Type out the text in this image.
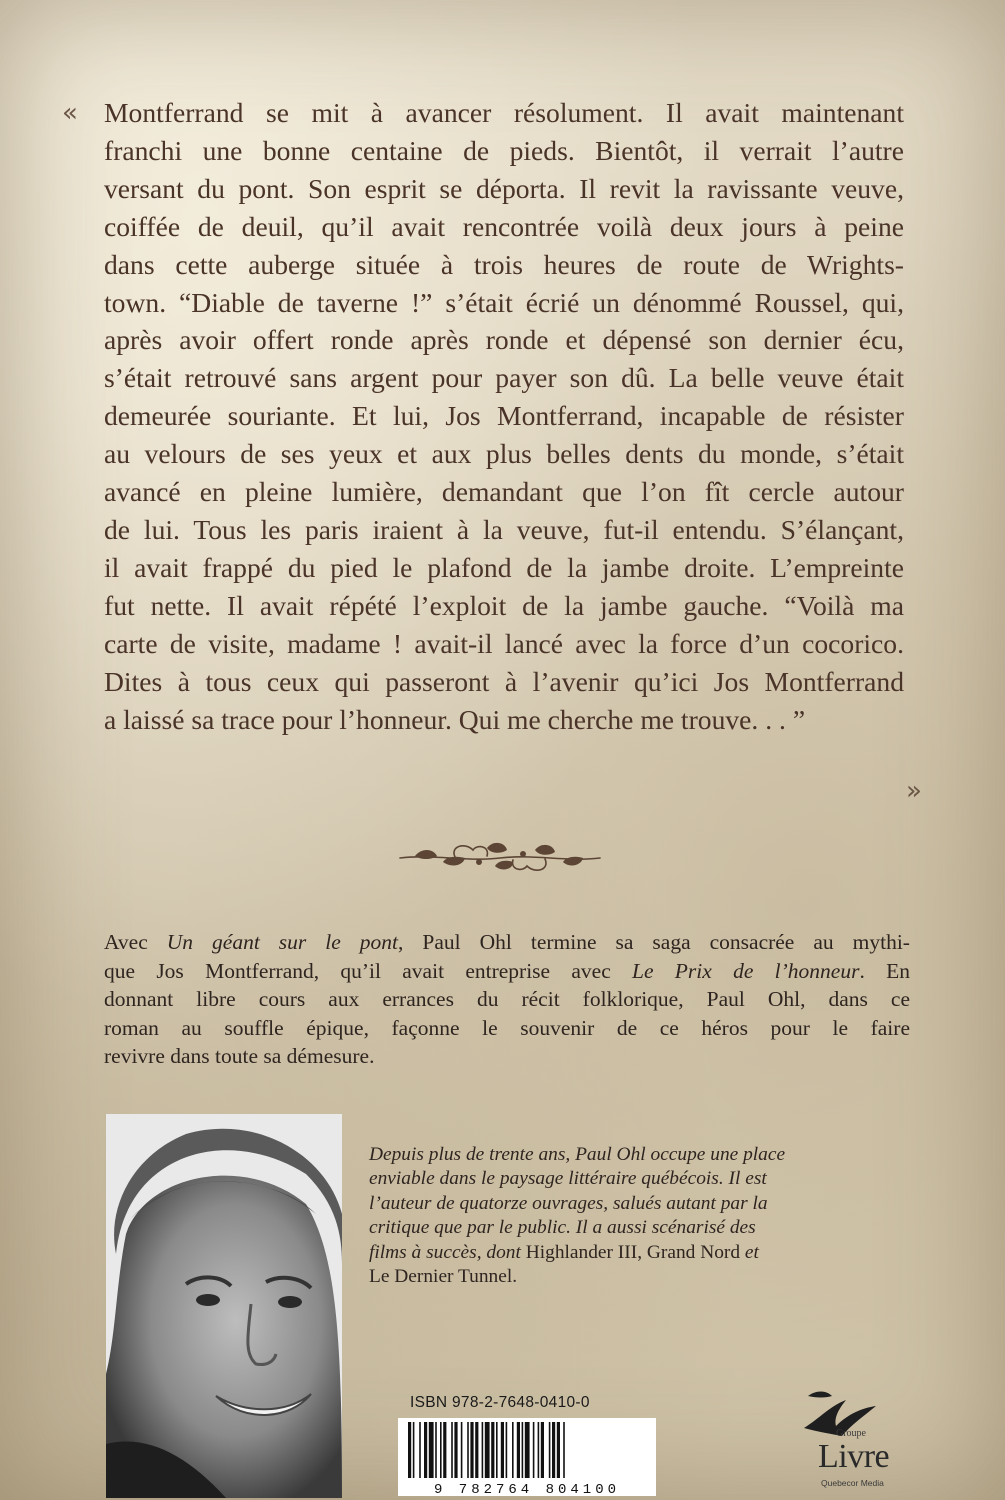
« Montferrand se mit à avancer résolument. Il avait maintenant
franchi une bonne centaine de pieds. Bientôt, il verrait l’autre
versant du pont. Son esprit se déporta. Il revit la ravissante veuve,
coiffée de deuil, qu’il avait rencontrée voilà deux jours à peine
dans cette auberge située à trois heures de route de Wrights-
town. “Diable de taverne !” s’était écrié un dénommé Roussel, qui,
après avoir offert ronde après ronde et dépensé son dernier écu,
s’était retrouvé sans argent pour payer son dû. La belle veuve était
demeurée souriante. Et lui, Jos Montferrand, incapable de résister
au velours de ses yeux et aux plus belles dents du monde, s’était
avancé en pleine lumière, demandant que l’on fît cercle autour
de lui. Tous les paris iraient à la veuve, fut-il entendu. S’élançant,
il avait frappé du pied le plafond de la jambe droite. L’empreinte
fut nette. Il avait répété l’exploit de la jambe gauche. “Voilà ma
carte de visite, madame ! avait-il lancé avec la force d’un cocorico.
Dites à tous ceux qui passeront à l’avenir qu’ici Jos Montferrand
a laissé sa trace pour l’honneur. Qui me cherche me trouve. . . ”
»
Avec Un géant sur le pont, Paul Ohl termine sa saga consacrée au mythi-
que Jos Montferrand, qu’il avait entreprise avec Le Prix de l’honneur. En
donnant libre cours aux errances du récit folklorique, Paul Ohl, dans ce
roman au souffle épique, façonne le souvenir de ce héros pour le faire
revivre dans toute sa démesure.
Depuis plus de trente ans, Paul Ohl occupe une place
enviable dans le paysage littéraire québécois. Il est
l’auteur de quatorze ouvrages, salués autant par la
critique que par le public. Il a aussi scénarisé des
films à succès, dont Highlander III, Grand Nord et
Le Dernier Tunnel.
ISBN 978-2-7648-0410-0
9 782764 804100
Groupe
Livre
Quebecor Media
